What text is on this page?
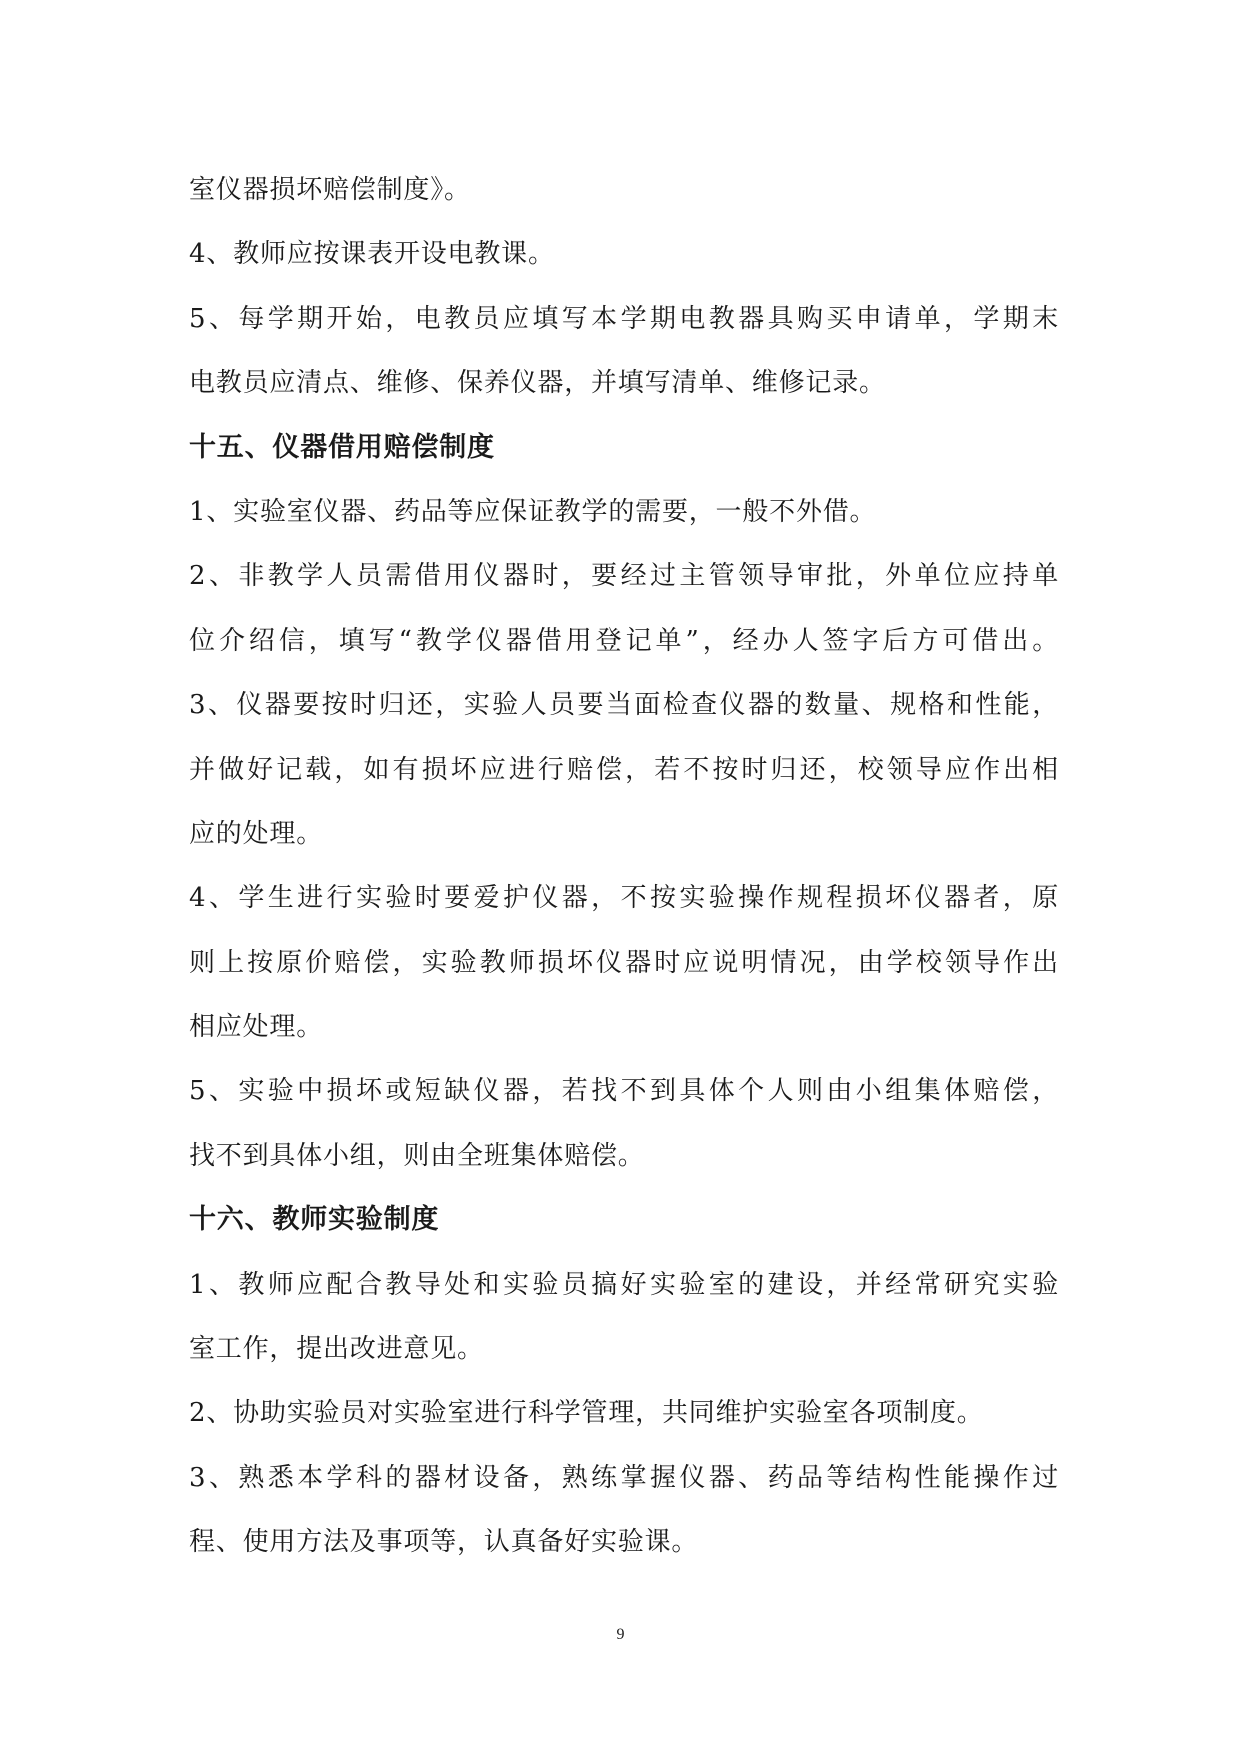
室仪器损坏赔偿制度》。
4、教师应按课表开设电教课。
5、每学期开始，电教员应填写本学期电教器具购买申请单，学期末
电教员应清点、维修、保养仪器，并填写清单、维修记录。
十五、仪器借用赔偿制度
1、实验室仪器、药品等应保证教学的需要，一般不外借。
2、非教学人员需借用仪器时，要经过主管领导审批，外单位应持单
位介绍信，填写“教学仪器借用登记单”，经办人签字后方可借出。
3、仪器要按时归还，实验人员要当面检查仪器的数量、规格和性能，
并做好记载，如有损坏应进行赔偿，若不按时归还，校领导应作出相
应的处理。
4、学生进行实验时要爱护仪器，不按实验操作规程损坏仪器者，原
则上按原价赔偿，实验教师损坏仪器时应说明情况，由学校领导作出
相应处理。
5、实验中损坏或短缺仪器，若找不到具体个人则由小组集体赔偿，
找不到具体小组，则由全班集体赔偿。
十六、教师实验制度
1、教师应配合教导处和实验员搞好实验室的建设，并经常研究实验
室工作，提出改进意见。
2、协助实验员对实验室进行科学管理，共同维护实验室各项制度。
3、熟悉本学科的器材设备，熟练掌握仪器、药品等结构性能操作过
程、使用方法及事项等，认真备好实验课。
9
